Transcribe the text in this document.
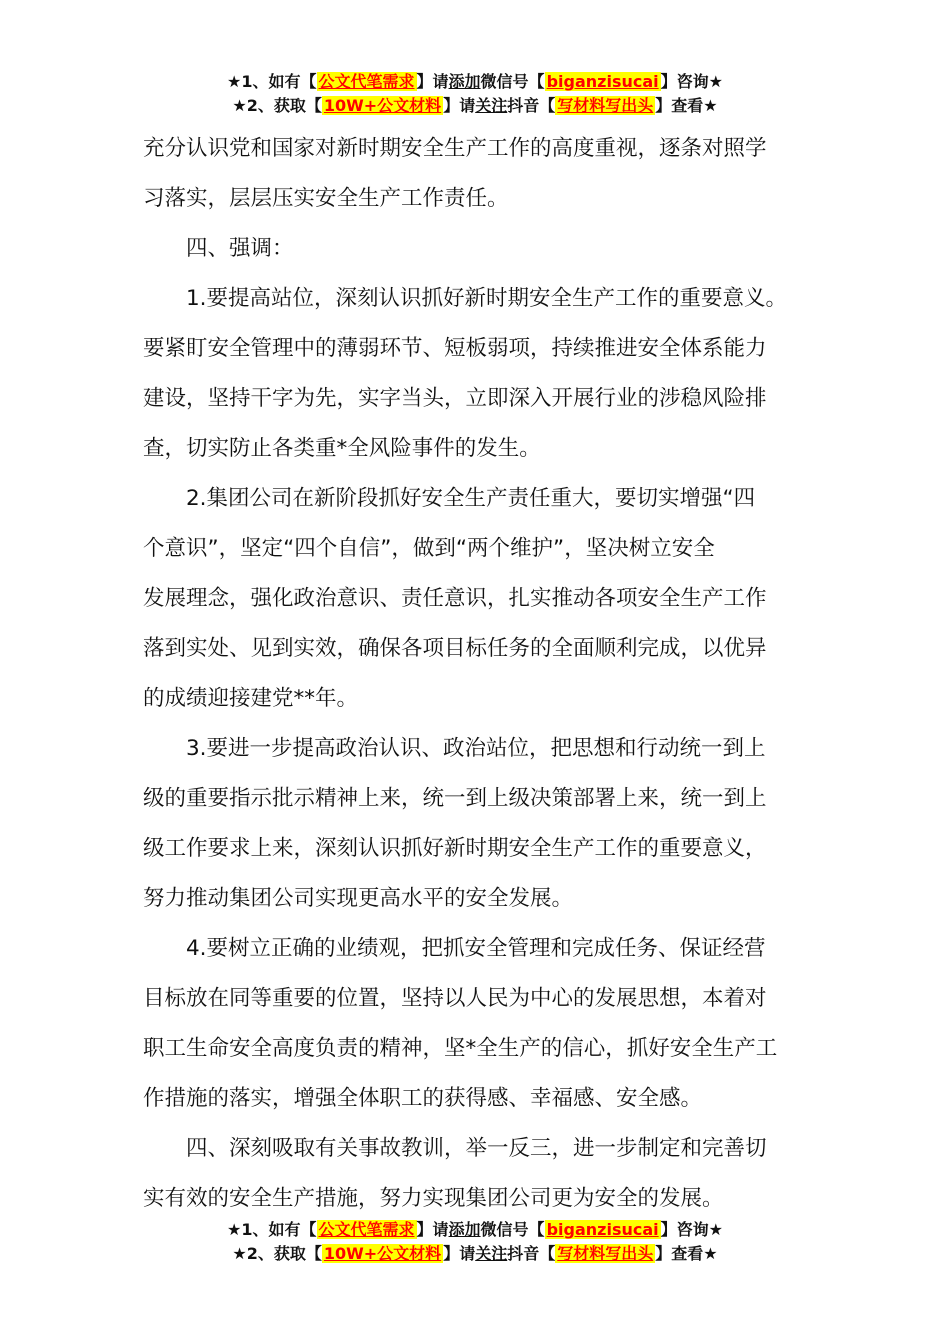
★1、如有【 公文代笔需求 】请添加微信号【 biganzisucai 】咨询★
★2、获取【 10W+公文材料 】请关注抖音【 写材料写出头 】查看★

充分认识党和国家对新时期安全生产工作的高度重视，逐条对照学
习落实，层层压实安全生产工作责任。

四、强调：

1.要提高站位，深刻认识抓好新时期安全生产工作的重要意义。
要紧盯安全管理中的薄弱环节、短板弱项，持续推进安全体系能力
建设，坚持干字为先，实字当头，立即深入开展行业的涉稳风险排
查，切实防止各类重*全风险事件的发生。

2.集团公司在新阶段抓好安全生产责任重大，要切实增强“四
个意识”，坚定“四个自信”，做到“两个维护”，坚决树立安全
发展理念，强化政治意识、责任意识，扎实推动各项安全生产工作
落到实处、见到实效，确保各项目标任务的全面顺利完成，以优异
的成绩迎接建党**年。

3.要进一步提高政治认识、政治站位，把思想和行动统一到上
级的重要指示批示精神上来，统一到上级决策部署上来，统一到上
级工作要求上来，深刻认识抓好新时期安全生产工作的重要意义，
努力推动集团公司实现更高水平的安全发展。

4.要树立正确的业绩观，把抓安全管理和完成任务、保证经营
目标放在同等重要的位置，坚持以人民为中心的发展思想，本着对
职工生命安全高度负责的精神，坚*全生产的信心，抓好安全生产工
作措施的落实，增强全体职工的获得感、幸福感、安全感。

四、深刻吸取有关事故教训，举一反三，进一步制定和完善切
实有效的安全生产措施，努力实现集团公司更为安全的发展。

★1、如有【 公文代笔需求 】请添加微信号【 biganzisucai 】咨询★
★2、获取【 10W+公文材料 】请关注抖音【 写材料写出头 】查看★
